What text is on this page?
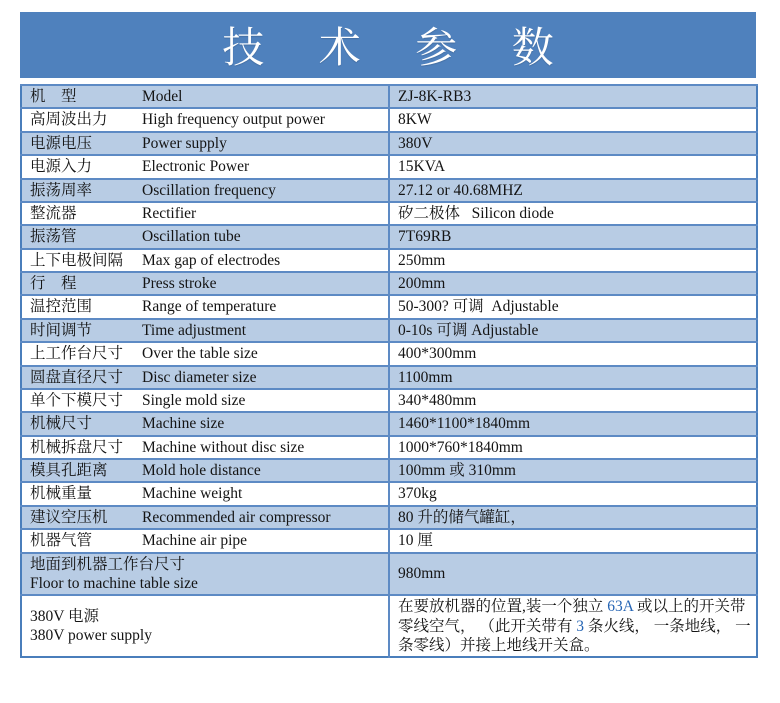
技 术 参 数
机　型 Model	ZJ-8K-RB3
高周波出力 High frequency output power	8KW
电源电压 Power supply	380V
电源入力 Electronic Power	15KVA
振荡周率 Oscillation frequency	27.12 or 40.68MHZ
整流器 Rectifier	矽二极体   Silicon diode
振荡管 Oscillation tube	7T69RB
上下电极间隔 Max gap of electrodes	250mm
行　程 Press stroke	200mm
温控范围 Range of temperature	50-300? 可调  Adjustable
时间调节 Time adjustment	0-10s 可调 Adjustable
上工作台尺寸 Over the table size	400*300mm
圆盘直径尺寸 Disc diameter size	1100mm
单个下模尺寸 Single mold size	340*480mm
机械尺寸 Machine size	1460*1100*1840mm
机械拆盘尺寸 Machine without disc size	1000*760*1840mm
模具孔距离 Mold hole distance	100mm 或 310mm
机械重量 Machine weight	370kg
建议空压机 Recommended air compressor	80 升的储气罐缸，
机器气管 Machine air pipe	10 厘

地面到机器工作台尺寸
Floor to machine table size	980mm

380V 电源
380V power supply	在要放机器的位置,装一个独立 63A 或以上的开关带零线空气， （此开关带有 3 条火线， 一条地线， 一条零线）并接上地线开关盒。
